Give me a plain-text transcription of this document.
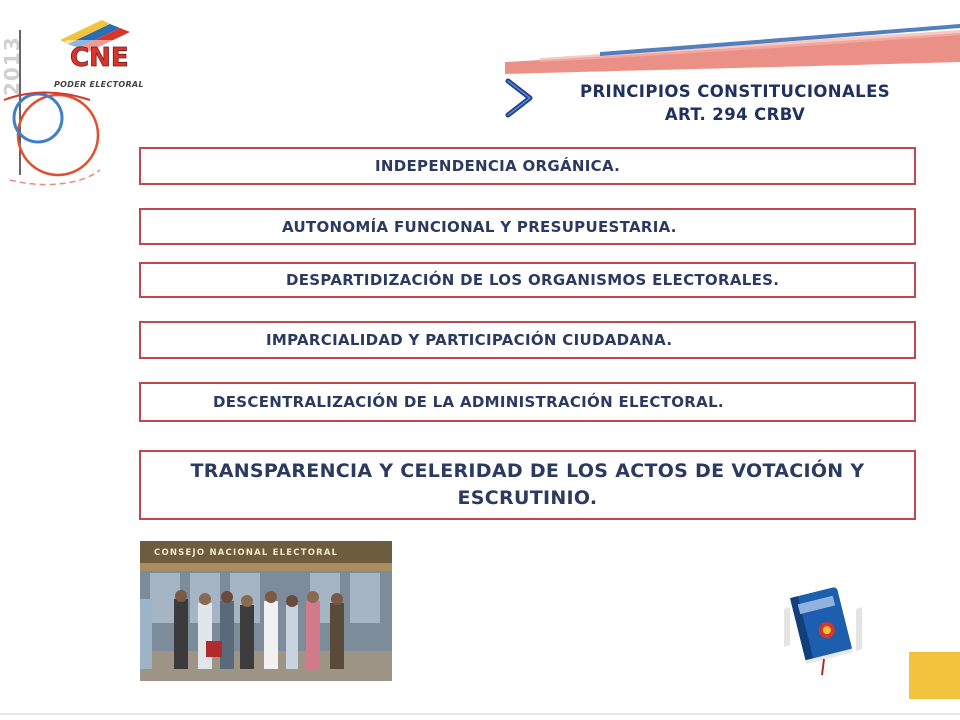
2013 CNE
PODER ELECTORAL	PRINCIPIOS CONSTITUCIONALES
ART. 294 CRBV
INDEPENDENCIA ORGÁNICA.
AUTONOMÍA FUNCIONAL Y PRESUPUESTARIA.
DESPARTIDIZACIÓN DE LOS ORGANISMOS ELECTORALES.
IMPARCIALIDAD Y PARTICIPACIÓN CIUDADANA.
DESCENTRALIZACIÓN DE LA ADMINISTRACIÓN ELECTORAL.
TRANSPARENCIA Y CELERIDAD DE LOS ACTOS DE VOTACIÓN Y ESCRUTINIO.
CONSEJO NACIONAL ELECTORAL
